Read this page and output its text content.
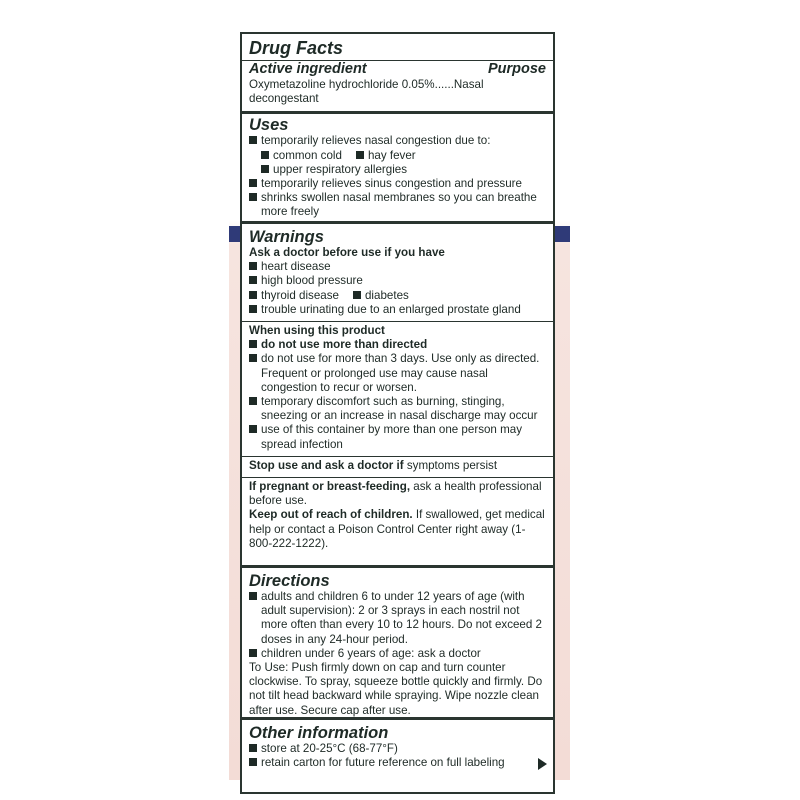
Drug Facts
Active ingredient	Purpose
Oxymetazoline hydrochloride 0.05%......Nasal decongestant
Uses
temporarily relieves nasal congestion due to:
common cold hay fever
upper respiratory allergies
temporarily relieves sinus congestion and pressure
shrinks swollen nasal membranes so you can breathe more freely
Warnings
Ask a doctor before use if you have
heart disease
high blood pressure
thyroid disease diabetes
trouble urinating due to an enlarged prostate gland
When using this product
do not use more than directed
do not use for more than 3 days. Use only as directed. Frequent or prolonged use may cause nasal congestion to recur or worsen.
temporary discomfort such as burning, stinging, sneezing or an increase in nasal discharge may occur
use of this container by more than one person may spread infection
Stop use and ask a doctor if symptoms persist
If pregnant or breast-feeding, ask a health professional before use.
Keep out of reach of children. If swallowed, get medical help or contact a Poison Control Center right away (1-800-222-1222).
Directions
adults and children 6 to under 12 years of age (with adult supervision): 2 or 3 sprays in each nostril not more often than every 10 to 12 hours. Do not exceed 2 doses in any 24-hour period.
children under 6 years of age: ask a doctor
To Use: Push firmly down on cap and turn counter clockwise. To spray, squeeze bottle quickly and firmly. Do not tilt head backward while spraying. Wipe nozzle clean after use. Secure cap after use.
Other information
store at 20-25°C (68-77°F)
retain carton for future reference on full labeling
